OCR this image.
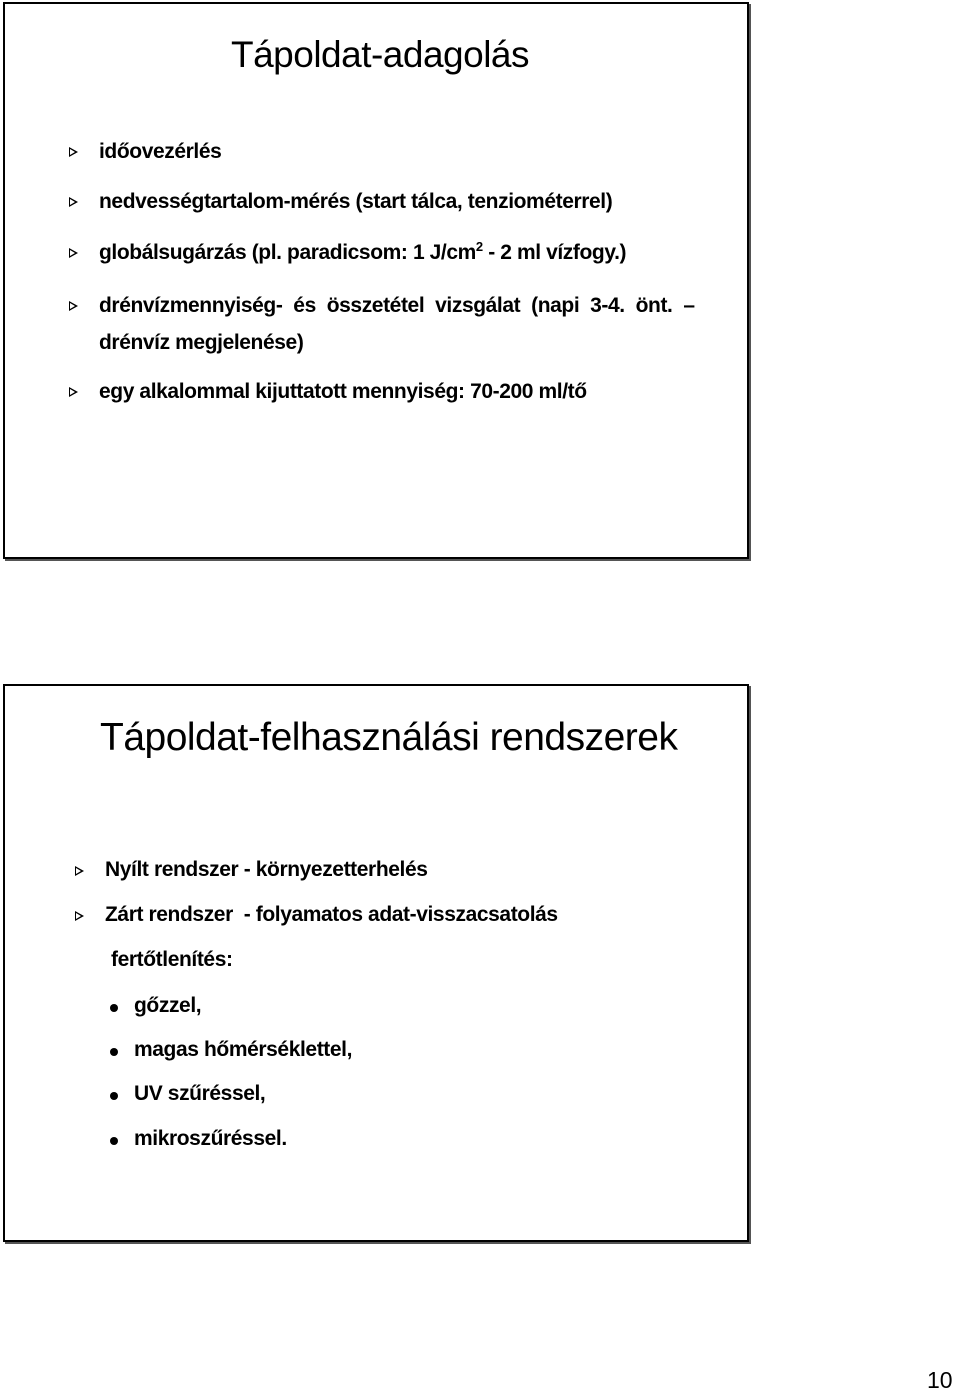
Tápoldat-adagolás
időovezérlés
nedvességtartalom-mérés (start tálca, tenziométerrel)
globálsugárzás (pl. paradicsom: 1 $J/cm^2 - 2$ ml vízfogy.)
drénvízmennyiség-  és  összetétel  vizsgálat  (napi  3-4.  önt.  –
drénvíz megjelenése)
egy alkalommal kijuttatott mennyiség: 70-200 ml/tő
Tápoldat-felhasználási rendszerek
Nyílt rendszer - környezetterhelés
Zárt rendszer  - folyamatos adat-visszacsatolás
fertőtlenítés:
gőzzel,
magas hőmérséklettel,
UV szűréssel,
mikroszűréssel.
10
